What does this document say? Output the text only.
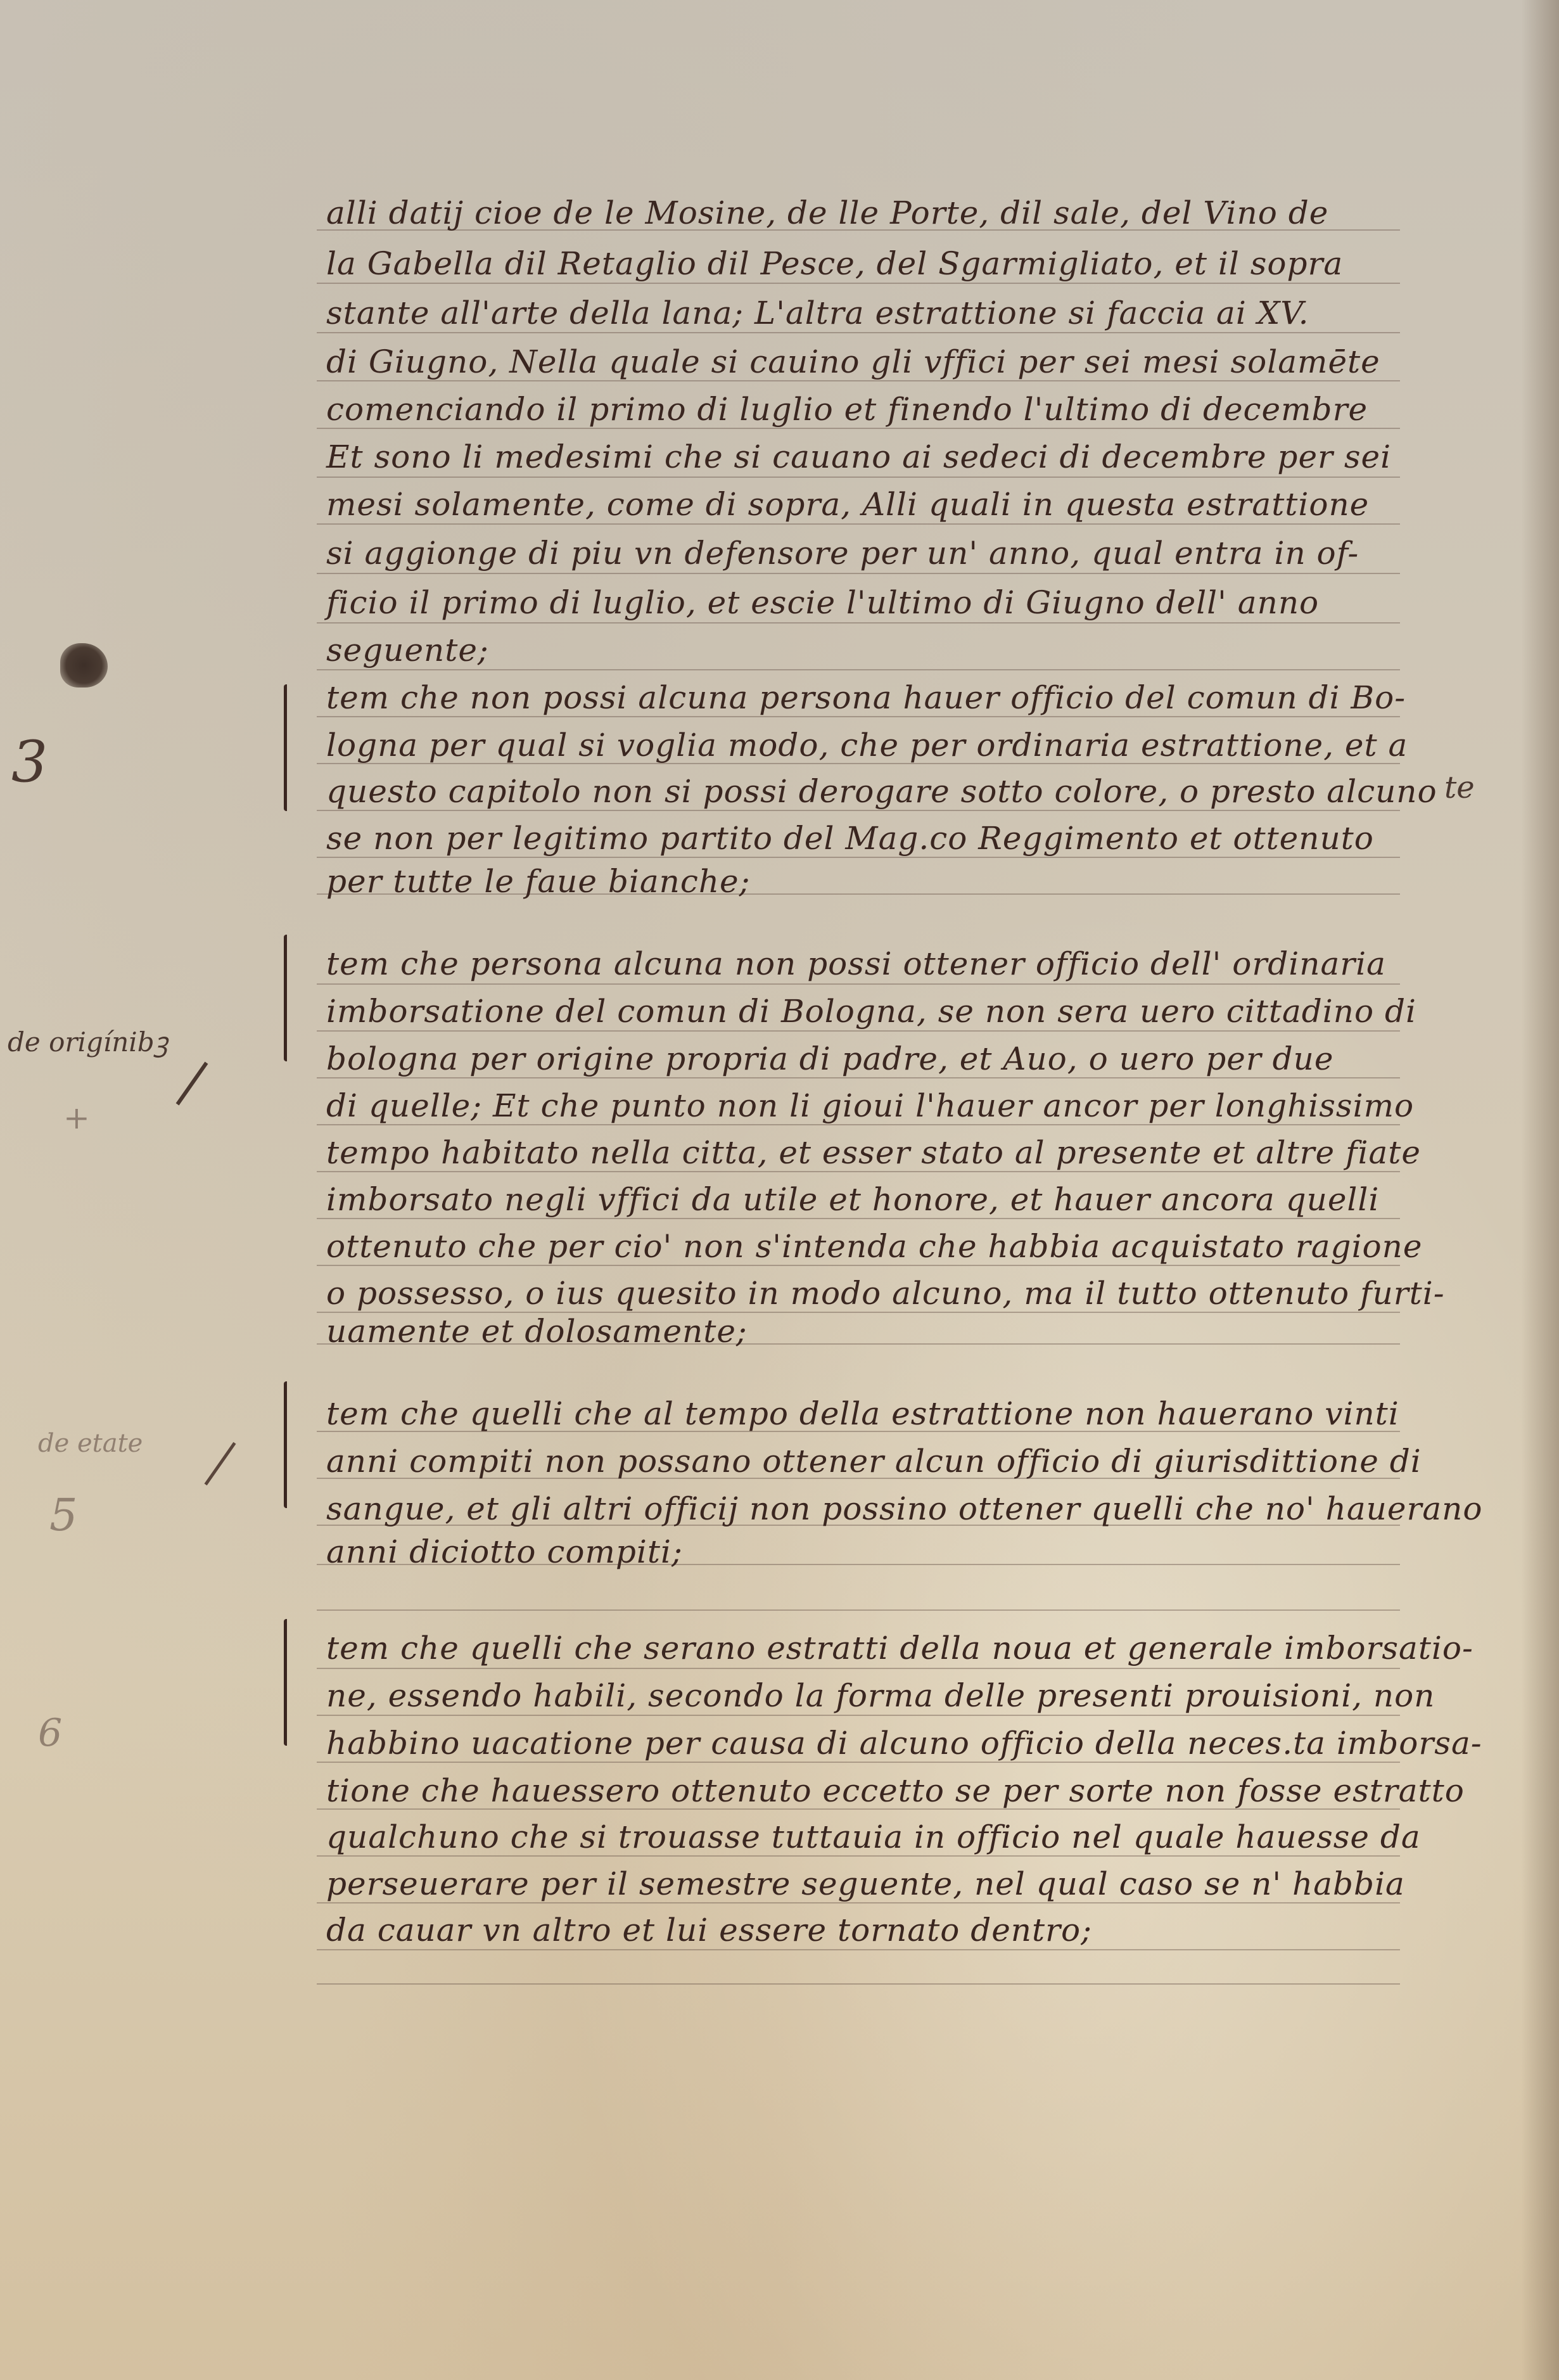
3
de origínibꝫ
+
de etate
5
6
te
alli datij cioe de le Mosine, de lle Porte, dil sale, del Vino de
la Gabella dil Retaglio dil Pesce, del Sgarmigliato, et il sopra
stante all'arte della lana; L'altra estrattione si faccia ai XV.
di Giugno, Nella quale si cauino gli vffici per sei mesi solamēte
comenciando il primo di luglio et finendo l'ultimo di decembre
Et sono li medesimi che si cauano ai sedeci di decembre per sei
mesi solamente, come di sopra, Alli quali in questa estrattione
si aggionge di piu vn defensore per un' anno, qual entra in of-
ficio il primo di luglio, et escie l'ultimo di Giugno dell' anno
seguente;
tem che non possi alcuna persona hauer officio del comun di Bo-
logna per qual si voglia modo, che per ordinaria estrattione, et a
questo capitolo non si possi derogare sotto colore, o presto alcuno
se non per legitimo partito del Mag.co Reggimento et ottenuto
per tutte le faue bianche;
tem che persona alcuna non possi ottener officio dell' ordinaria
imborsatione del comun di Bologna, se non sera uero cittadino di
bologna per origine propria di padre, et Auo, o uero per due
di quelle; Et che punto non li gioui l'hauer ancor per longhissimo
tempo habitato nella citta, et esser stato al presente et altre fiate
imborsato negli vffici da utile et honore, et hauer ancora quelli
ottenuto che per cio' non s'intenda che habbia acquistato ragione
o possesso, o ius quesito in modo alcuno, ma il tutto ottenuto furti-
uamente et dolosamente;
tem che quelli che al tempo della estrattione non hauerano vinti
anni compiti non possano ottener alcun officio di giurisdittione di
sangue, et gli altri officij non possino ottener quelli che no' hauerano
anni diciotto compiti;
tem che quelli che serano estratti della noua et generale imborsatio-
ne, essendo habili, secondo la forma delle presenti prouisioni, non
habbino uacatione per causa di alcuno officio della neces.ta imborsa-
tione che hauessero ottenuto eccetto se per sorte non fosse estratto
qualchuno che si trouasse tuttauia in officio nel quale hauesse da
perseuerare per il semestre seguente, nel qual caso se n' habbia
da cauar vn altro et lui essere tornato dentro;
